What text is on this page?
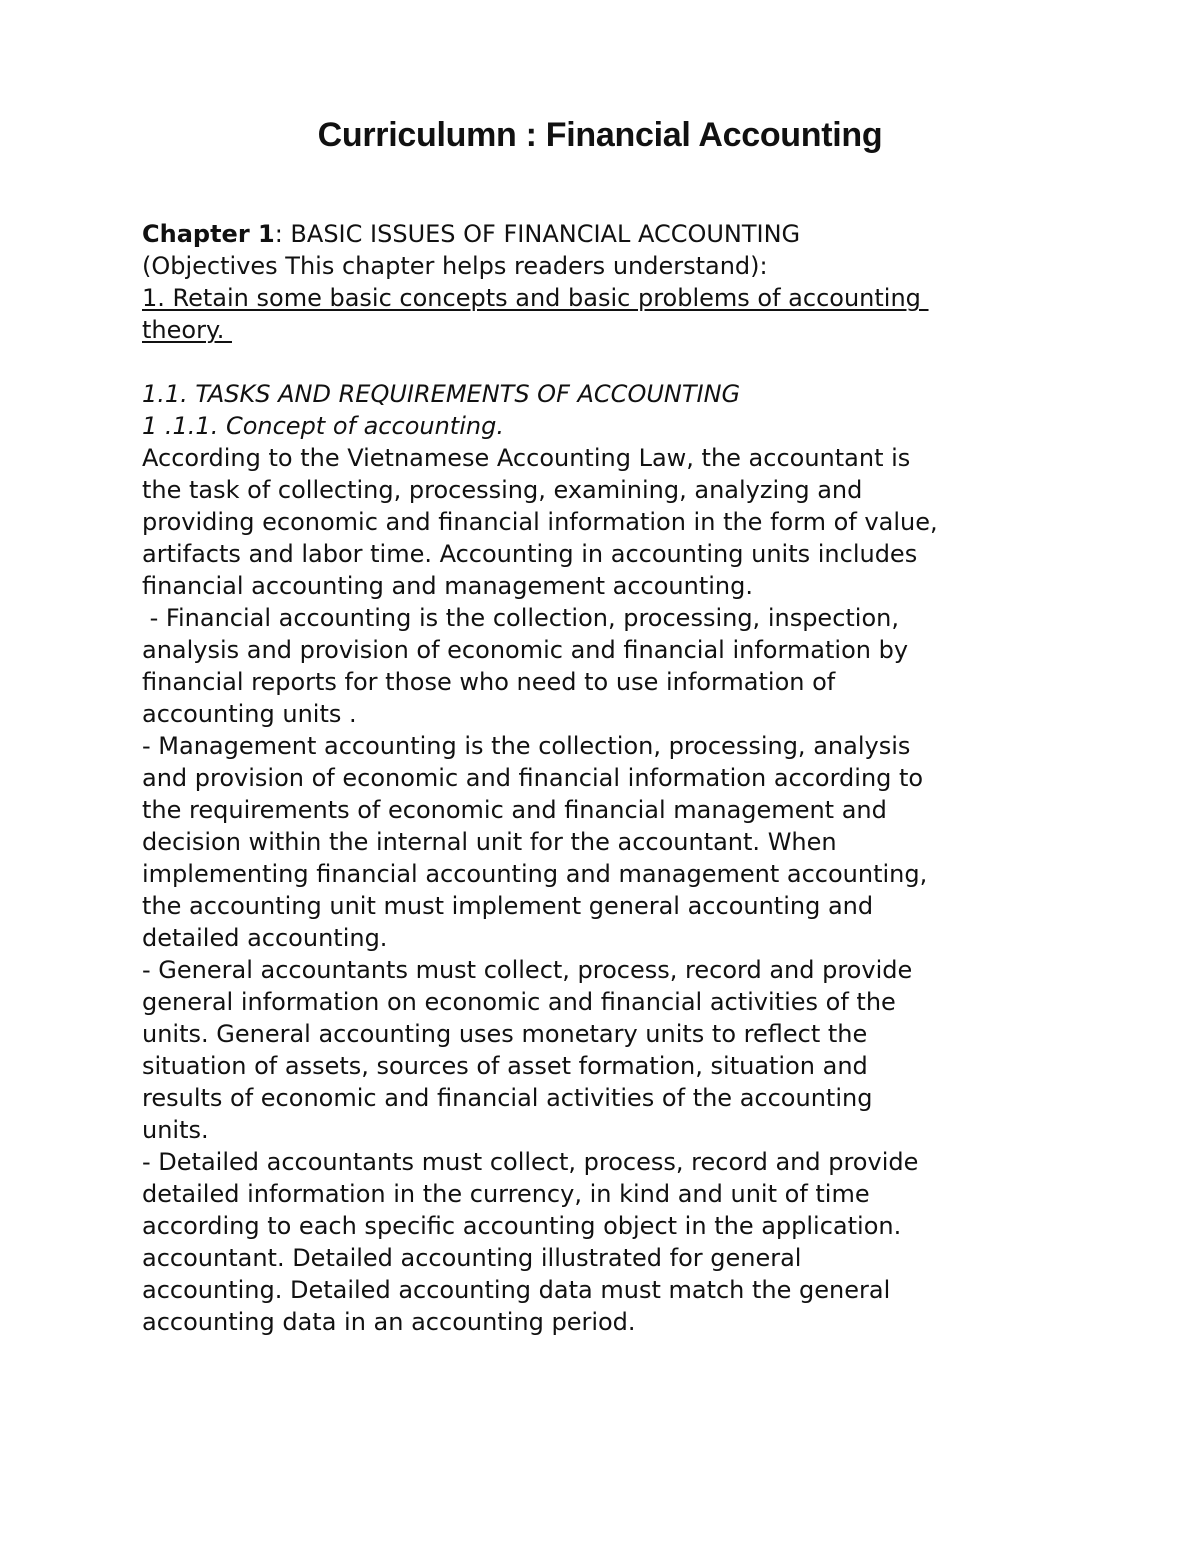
Curriculumn : Financial Accounting
Chapter 1: BASIC ISSUES OF FINANCIAL ACCOUNTING
(Objectives This chapter helps readers understand):
1. Retain some basic concepts and basic problems of accounting
theory.
1.1. TASKS AND REQUIREMENTS OF ACCOUNTING
1 .1.1. Concept of accounting.
According to the Vietnamese Accounting Law, the accountant is
the task of collecting, processing, examining, analyzing and
providing economic and financial information in the form of value,
artifacts and labor time. Accounting in accounting units includes
financial accounting and management accounting.
- Financial accounting is the collection, processing, inspection,
analysis and provision of economic and financial information by
financial reports for those who need to use information of
accounting units .
- Management accounting is the collection, processing, analysis
and provision of economic and financial information according to
the requirements of economic and financial management and
decision within the internal unit for the accountant. When
implementing financial accounting and management accounting,
the accounting unit must implement general accounting and
detailed accounting.
- General accountants must collect, process, record and provide
general information on economic and financial activities of the
units. General accounting uses monetary units to reflect the
situation of assets, sources of asset formation, situation and
results of economic and financial activities of the accounting
units.
- Detailed accountants must collect, process, record and provide
detailed information in the currency, in kind and unit of time
according to each specific accounting object in the application.
accountant. Detailed accounting illustrated for general
accounting. Detailed accounting data must match the general
accounting data in an accounting period.
